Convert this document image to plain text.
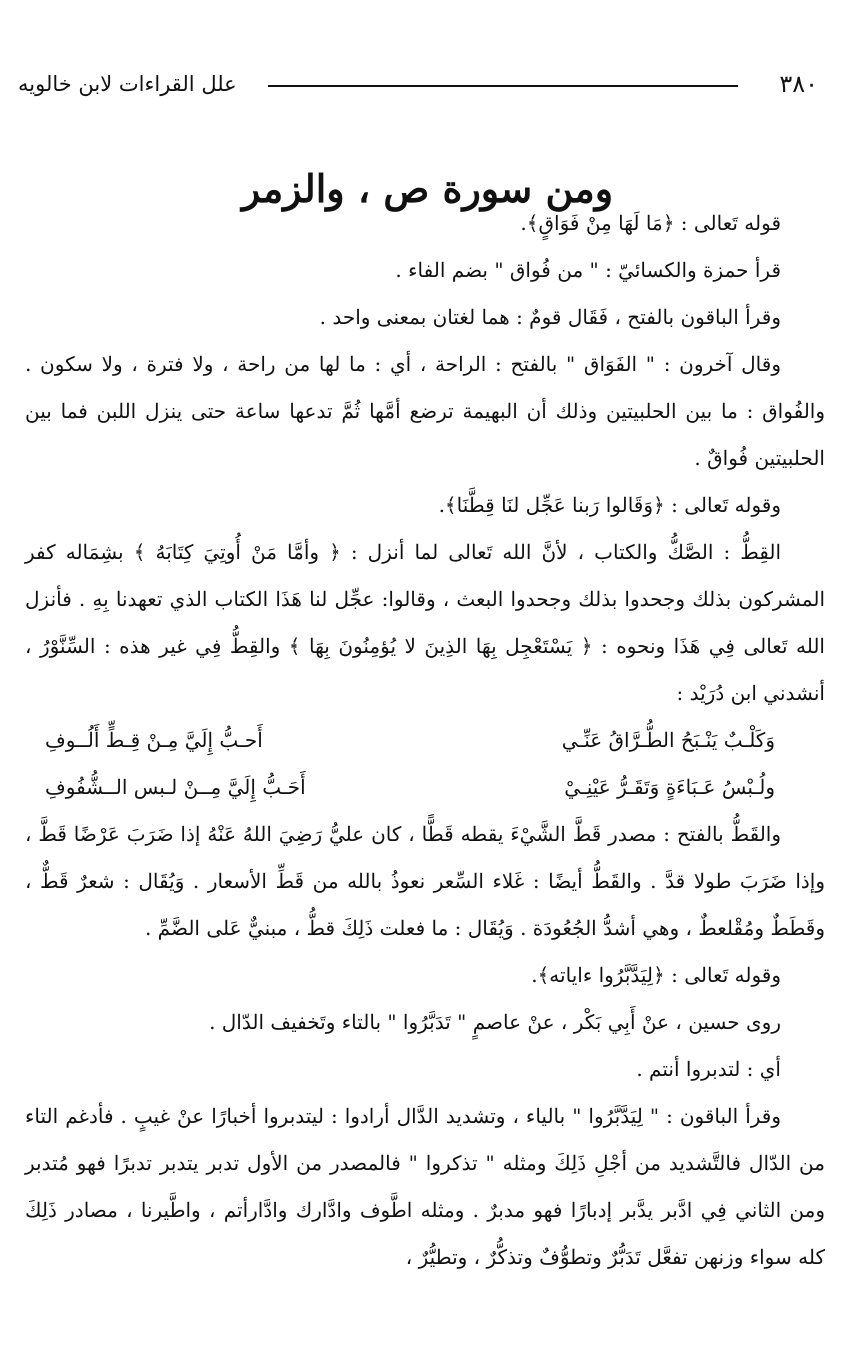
٣٨٠
علل القراءات لابن خالويه
ومن سورة ص ، والزمر

قوله تَعالى : ﴿مَا لَهَا مِنْ فَوَاقٍ﴾.

قرأ حمزة والكسائيّ : " من فُواق " بضم الفاء .

وقرأ الباقون بالفتح ، فَقَال قومٌ : هما لغتان بمعنى واحد .

وقال آخرون : " الفَوَاق " بالفتح : الراحة ، أي : ما لها من راحة ، ولا فترة ، ولا سكون . والفُواق : ما بين الحلبيتين وذلك أن البهيمة ترضع أمَّها ثُمَّ تدعها ساعة حتى ينزل اللبن فما بين الحلبيتين فُواقٌ .

وقوله تَعالى : ﴿وَقَالوا رَبنا عَجِّل لنَا قِطَّنَا﴾.

القِطُّ : الصَّكُّ والكتاب ، لأنَّ الله تَعالى لما أنزل : ﴿ وأمَّا مَنْ أُوتِيَ كِتَابَهُ ﴾ بشِمَاله كفر المشركون بذلك وجحدوا بذلك وجحدوا البعث ، وقالوا: عجِّل لنا هَذَا الكتاب الذي تعهدنا بِهِ . فأنزل الله تَعالى فِي هَذَا ونحوه : ﴿ يَسْتَعْجِل بِهَا الذِينَ لا يُؤمِنُونَ بِهَا ﴾ والقِطُّ فِي غير هذه : السِّنَّوْرُ ، أنشدني ابن دُرَيْد :

وَكَلْـبٌ يَنْـبَحُ الطُّـرَّاقُ عَنِّـي
أَحـبُّ إِلَيَّ مِـنْ قِـطٍّ أَلُــوفِ
ولُـبْسُ عَـبَاءَةٍ وَتَقَـرُّ عَيْنِـيْ
أَحَـبُّ إِلَيَّ مِــنْ لـبس الــشُّفُوفِ

والقَطُّ بالفتح : مصدر قَطَّ الشَّيْءَ يقطه قَطًّا ، كان عليُّ رَضِيَ اللهُ عَنْهُ إذا ضَرَبَ عَرْضًا قَطَّ ، وإذا ضَرَبَ طولا قدَّ . والقَطُّ أيضًا : غَلاء السِّعر نعوذُ بالله من قَطِّ الأسعار . وَيُقَال : شعرٌ قَطٌّ ، وقَطَطٌ ومُقْلعطٌ ، وهي أشدُّ الجُعُودَة . وَيُقَال : ما فعلت ذَلِكَ قطُّ ، مبنيٌّ عَلى الضَّمِّ .

وقوله تَعالى : ﴿لِيَدَّبَّرُوا ءاياته﴾.

روى حسين ، عنْ أَبِي بَكْر ، عنْ عاصمٍ " تَدَبَّرُوا " بالتاء وتَخفيف الدّال .

أي : لتدبروا أنتم .

وقرأ الباقون : " لِيَدَّبَّرُوا " بالياء ، وتشديد الدَّال أرادوا : ليتدبروا أخبارًا عنْ غيبٍ . فأدغم التاء من الدّال فالتَّشديد من أجْلِ ذَلِكَ ومثله " تذكروا " فالمصدر من الأول تدبر يتدبر تدبرًا فهو مُتدبر ومن الثاني فِي ادَّبر يدَّبر إدبارًا فهو مدبرٌ . ومثله اطَّوف وادَّارك وادَّارأتم ، واطَّيرنا ، مصادر ذَلِكَ كله سواء وزنهن تفعَّل تَدَبُّرٌ وتطوُّفٌ وتذكُّرٌ ، وتطيُّرٌ ،
